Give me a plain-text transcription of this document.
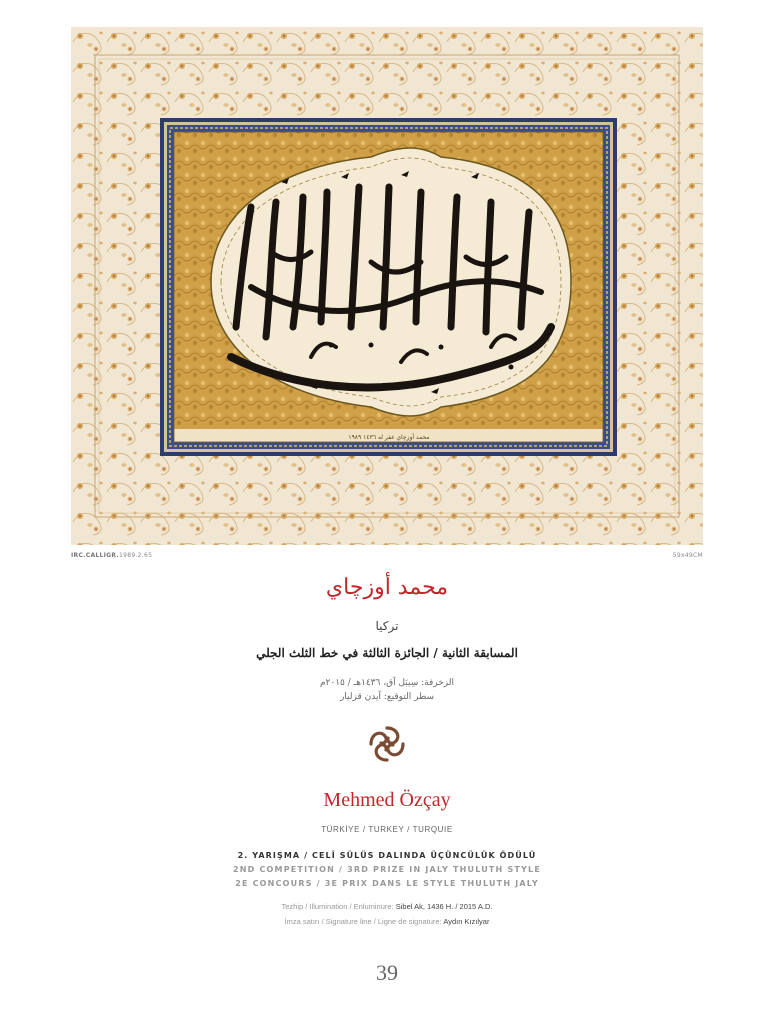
محمد أوزچاي غفر له ١٤٣٦ ۱۹۸۹
IRC.CALLIGR.1989.2.65	59x49CM
محمد أوزچاي
تركيا
المسابقة الثانية / الجائزة الثالثة في خط الثلث الجلي
الزخرفة: سِيبَل آق، ١٤٣٦هـ / ٢٠١٥م
سطر التوقيع: آيدن قزليار
Mehmed Özçay
TÜRKİYE / TURKEY / TURQUIE
2. YARIŞMA / CELÎ SÜLÜS DALINDA ÜÇÜNCÜLÜK ÖDÜLÜ
2ND COMPETITION / 3RD PRIZE IN JALY THULUTH STYLE
2E CONCOURS / 3E PRIX DANS LE STYLE THULUTH JALY
Tezhip / Illumination / Enluminure: Sibel Ak, 1436 H. / 2015 A.D.
İmza satırı / Signature line / Ligne de signature: Aydın Kızılyar
39
